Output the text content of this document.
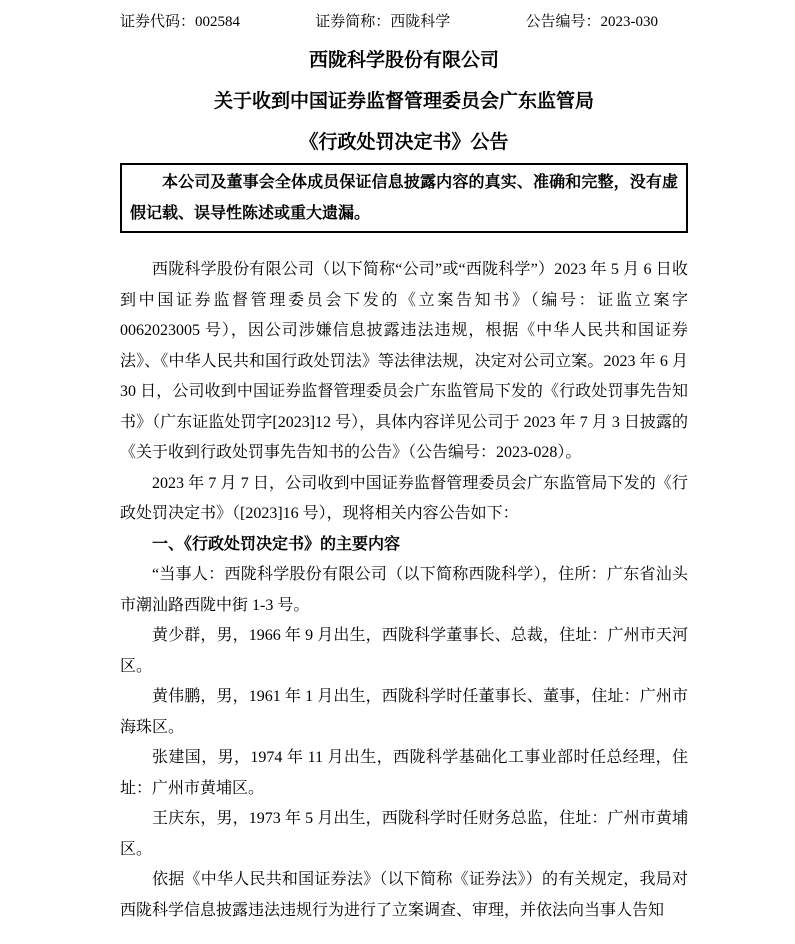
证券代码：002584	证券简称：西陇科学	公告编号：2023-030
西陇科学股份有限公司
关于收到中国证券监督管理委员会广东监管局
《行政处罚决定书》公告

本公司及董事会全体成员保证信息披露内容的真实、准确和完整，没有虚假记载、误导性陈述或重大遗漏。

西陇科学股份有限公司（以下简称“公司”或“西陇科学”）2023 年 5 月 6 日收到中国证券监督管理委员会下发的《立案告知书》（编号：证监立案字 0062023005 号），因公司涉嫌信息披露违法违规，根据《中华人民共和国证券法》、《中华人民共和国行政处罚法》等法律法规，决定对公司立案。2023 年 6 月 30 日，公司收到中国证券监督管理委员会广东监管局下发的《行政处罚事先告知书》（广东证监处罚字[2023]12 号），具体内容详见公司于 2023 年 7 月 3 日披露的《关于收到行政处罚事先告知书的公告》（公告编号：2023-028）。

2023 年 7 月 7 日，公司收到中国证券监督管理委员会广东监管局下发的《行政处罚决定书》（[2023]16 号），现将相关内容公告如下：

一、《行政处罚决定书》的主要内容

“当事人：西陇科学股份有限公司（以下简称西陇科学），住所：广东省汕头市潮汕路西陇中街 1-3 号。

黄少群，男，1966 年 9 月出生，西陇科学董事长、总裁，住址：广州市天河区。

黄伟鹏，男，1961 年 1 月出生，西陇科学时任董事长、董事，住址：广州市海珠区。

张建国，男，1974 年 11 月出生，西陇科学基础化工事业部时任总经理，住址：广州市黄埔区。

王庆东，男，1973 年 5 月出生，西陇科学时任财务总监，住址：广州市黄埔区。

依据《中华人民共和国证券法》（以下简称《证券法》）的有关规定，我局对西陇科学信息披露违法违规行为进行了立案调查、审理，并依法向当事人告知
